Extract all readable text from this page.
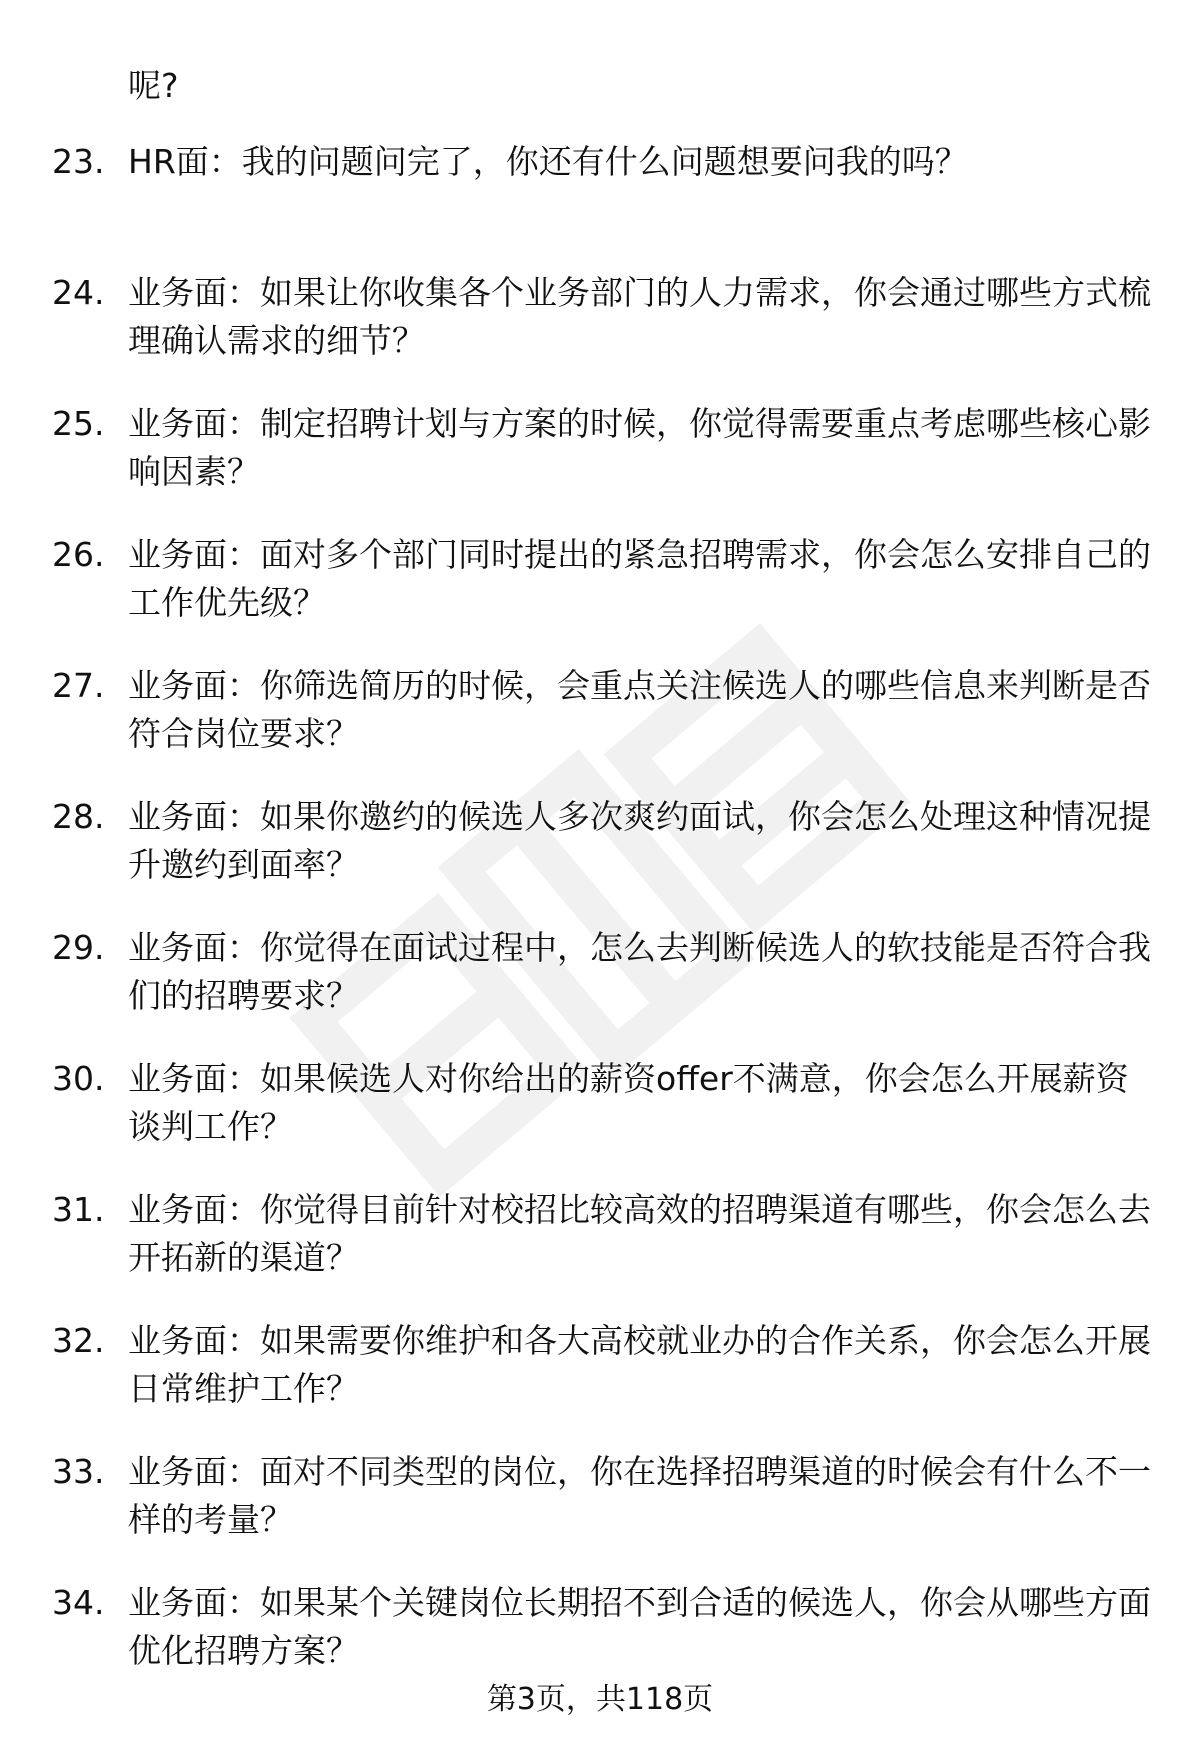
呢?
23. HR面：我的问题问完了，你还有什么问题想要问我的吗？
24. 业务面：如果让你收集各个业务部门的人力需求，你会通过哪些方式梳理确认需求的细节？
25. 业务面：制定招聘计划与方案的时候，你觉得需要重点考虑哪些核心影响因素？
26. 业务面：面对多个部门同时提出的紧急招聘需求，你会怎么安排自己的工作优先级？
27. 业务面：你筛选简历的时候，会重点关注候选人的哪些信息来判断是否符合岗位要求？
28. 业务面：如果你邀约的候选人多次爽约面试，你会怎么处理这种情况提升邀约到面率？
29. 业务面：你觉得在面试过程中，怎么去判断候选人的软技能是否符合我们的招聘要求？
30. 业务面：如果候选人对你给出的薪资offer不满意，你会怎么开展薪资谈判工作？
31. 业务面：你觉得目前针对校招比较高效的招聘渠道有哪些，你会怎么去开拓新的渠道？
32. 业务面：如果需要你维护和各大高校就业办的合作关系，你会怎么开展日常维护工作？
33. 业务面：面对不同类型的岗位，你在选择招聘渠道的时候会有什么不一样的考量？
34. 业务面：如果某个关键岗位长期招不到合适的候选人，你会从哪些方面优化招聘方案？
第3页，共118页
